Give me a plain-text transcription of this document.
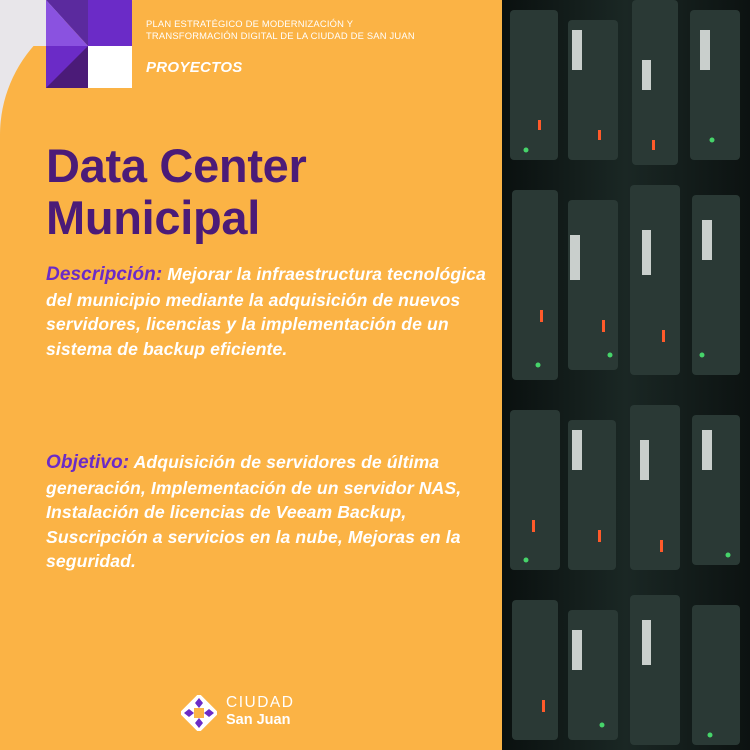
PLAN ESTRATÉGICO DE MODERNIZACIÓN Y
TRANSFORMACIÓN DIGITAL DE LA CIUDAD DE SAN JUAN
PROYECTOS
Data Center
Municipal
Descripción: Mejorar la infraestructura tecnológica del municipio mediante la adquisición de nuevos servidores, licencias y la implementación de un sistema de backup eficiente.
Objetivo: Adquisición de servidores de última generación, Implementación de un servidor NAS, Instalación de licencias de Veeam Backup, Suscripción a servicios en la nube, Mejoras en la seguridad.
CIUDAD
San Juan
